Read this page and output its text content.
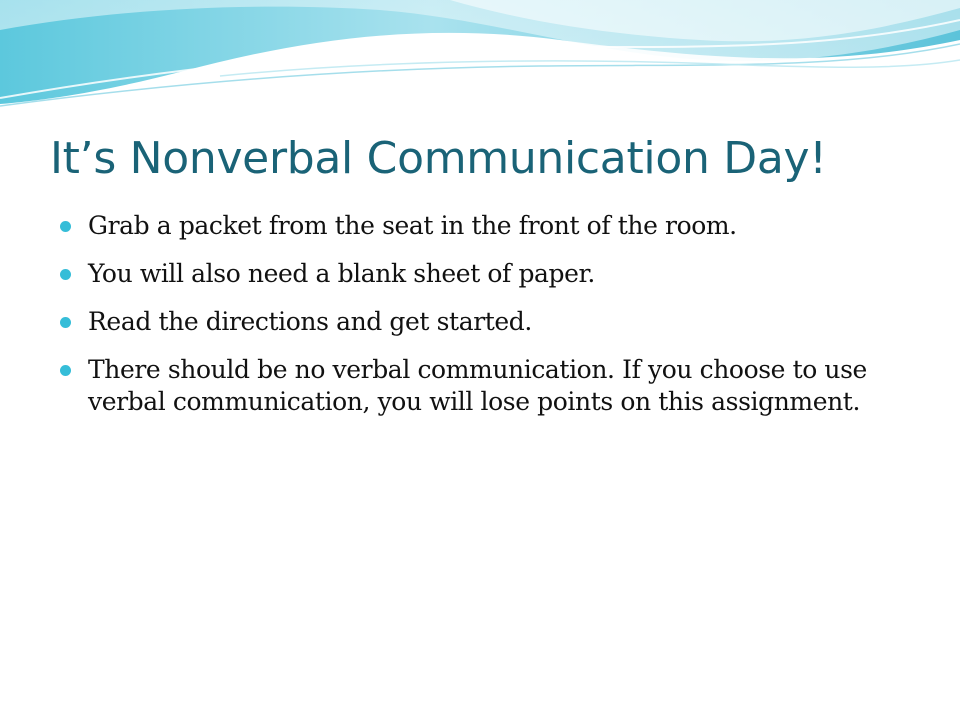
It’s Nonverbal Communication Day!
Grab a packet from the seat in the front of the room.
You will also need a blank sheet of paper.
Read the directions and get started.
There should be no verbal communication. If you choose to use verbal communication, you will lose points on this assignment.
